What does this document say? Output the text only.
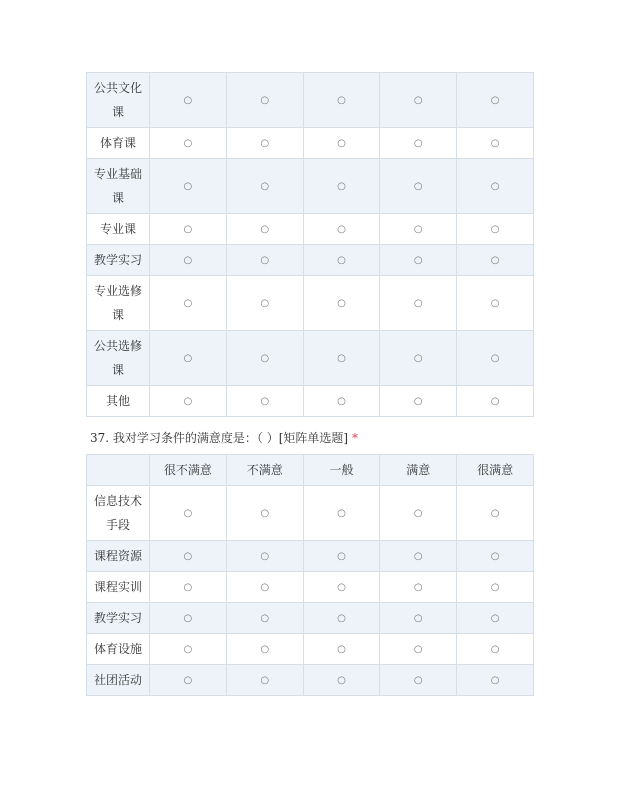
公共文化课	○	○	○	○	○
体育课	○	○	○	○	○
专业基础课	○	○	○	○	○
专业课	○	○	○	○	○
教学实习	○	○	○	○	○
专业选修课	○	○	○	○	○
公共选修课	○	○	○	○	○
其他	○	○	○	○	○
37. 我对学习条件的满意度是：（ ）[矩阵单选题] *
	很不满意	不满意	一般	满意	很满意
信息技术手段	○	○	○	○	○
课程资源	○	○	○	○	○
课程实训	○	○	○	○	○
教学实习	○	○	○	○	○
体育设施	○	○	○	○	○
社团活动	○	○	○	○	○
